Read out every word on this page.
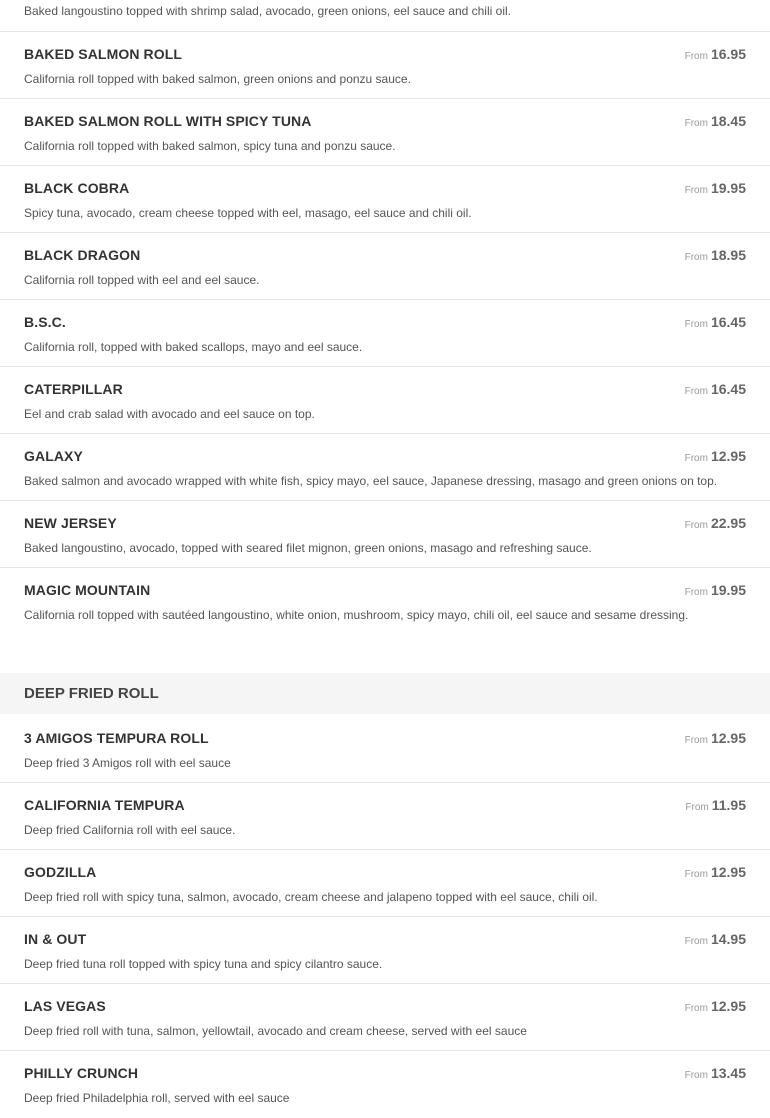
Baked langoustino topped with shrimp salad, avocado, green onions, eel sauce and chili oil.
BAKED SALMON ROLL	From 16.95
California roll topped with baked salmon, green onions and ponzu sauce.
BAKED SALMON ROLL WITH SPICY TUNA	From 18.45
California roll topped with baked salmon, spicy tuna and ponzu sauce.
BLACK COBRA	From 19.95
Spicy tuna, avocado, cream cheese topped with eel, masago, eel sauce and chili oil.
BLACK DRAGON	From 18.95
California roll topped with eel and eel sauce.
B.S.C.	From 16.45
California roll, topped with baked scallops, mayo and eel sauce.
CATERPILLAR	From 16.45
Eel and crab salad with avocado and eel sauce on top.
GALAXY	From 12.95
Baked salmon and avocado wrapped with white fish, spicy mayo, eel sauce, Japanese dressing, masago and green onions on top.
NEW JERSEY	From 22.95
Baked langoustino, avocado, topped with seared filet mignon, green onions, masago and refreshing sauce.
MAGIC MOUNTAIN	From 19.95
California roll topped with sautéed langoustino, white onion, mushroom, spicy mayo, chili oil, eel sauce and sesame dressing.
DEEP FRIED ROLL
3 AMIGOS TEMPURA ROLL	From 12.95
Deep fried 3 Amigos roll with eel sauce
CALIFORNIA TEMPURA	From 11.95
Deep fried California roll with eel sauce.
GODZILLA	From 12.95
Deep fried roll with spicy tuna, salmon, avocado, cream cheese and jalapeno topped with eel sauce, chili oil.
IN & OUT	From 14.95
Deep fried tuna roll topped with spicy tuna and spicy cilantro sauce.
LAS VEGAS	From 12.95
Deep fried roll with tuna, salmon, yellowtail, avocado and cream cheese, served with eel sauce
PHILLY CRUNCH	From 13.45
Deep fried Philadelphia roll, served with eel sauce
